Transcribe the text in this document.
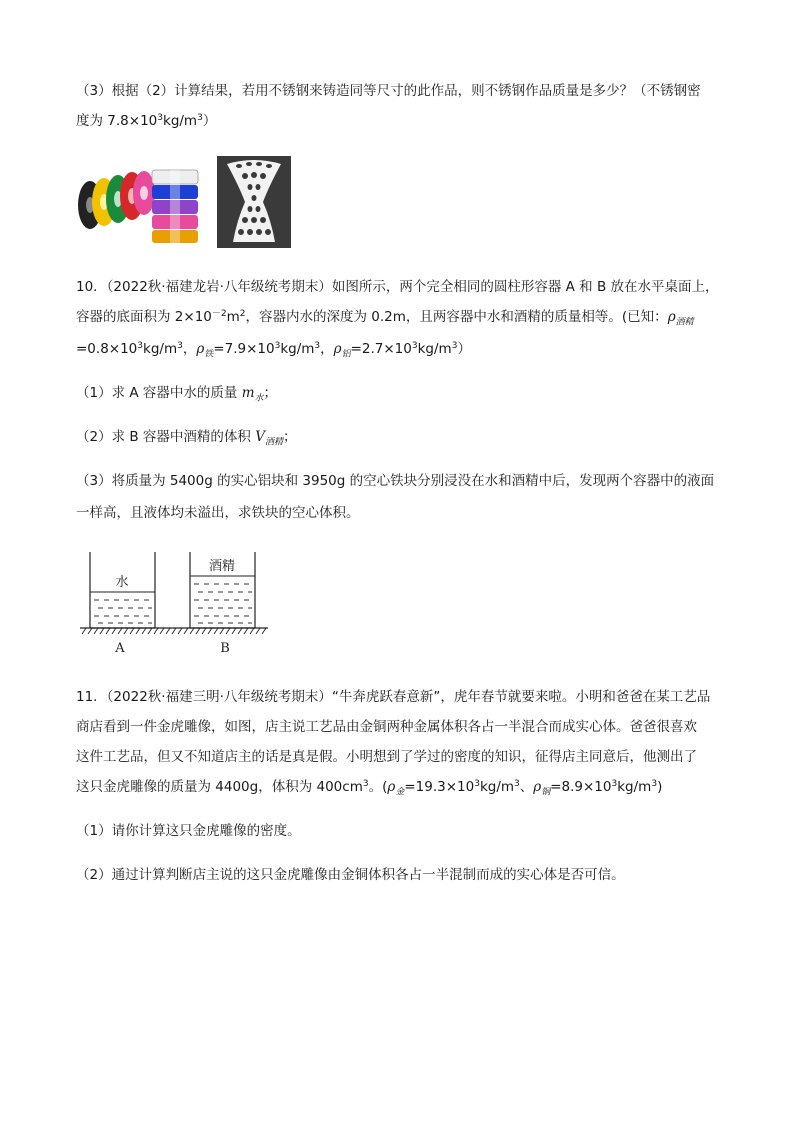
（3）根据（2）计算结果，若用不锈钢来铸造同等尺寸的此作品，则不锈钢作品质量是多少？（不锈钢密
度为 $7.8\times 10^3kg/m^3$）
10．（2022秋·福建龙岩·八年级统考期末）如图所示，两个完全相同的圆柱形容器 A 和 B 放在水平桌面上，
容器的底面积为 $2\times 10^{-2}m^2$，容器内水的深度为 0.2m，且两容器中水和酒精的质量相等。(已知：$\rho_{酒精}$
$=0.8\times 10^3kg/m^3$，$\rho_铁=7.9\times 10^3kg/m^3$，$\rho_铝=2.7\times 10^3kg/m^3$）
（1）求 A 容器中水的质量 $m_水$；
（2）求 B 容器中酒精的体积 $V_{酒精}$；
（3）将质量为 5400g 的实心铝块和 3950g 的空心铁块分别浸没在水和酒精中后，发现两个容器中的液面
一样高，且液体均未溢出，求铁块的空心体积。
水
酒精
A	B
11．（2022秋·福建三明·八年级统考期末）“牛奔虎跃春意新”，虎年春节就要来啦。小明和爸爸在某工艺品
商店看到一件金虎雕像，如图，店主说工艺品由金铜两种金属体积各占一半混合而成实心体。爸爸很喜欢
这件工艺品，但又不知道店主的话是真是假。小明想到了学过的密度的知识，征得店主同意后，他测出了
这只金虎雕像的质量为 4400g，体积为 $400cm^3$。($\rho_金=19.3\times 10^3kg/m^3$、$\rho_铜=8.9\times 10^3kg/m^3$)
（1）请你计算这只金虎雕像的密度。
（2）通过计算判断店主说的这只金虎雕像由金铜体积各占一半混制而成的实心体是否可信。
